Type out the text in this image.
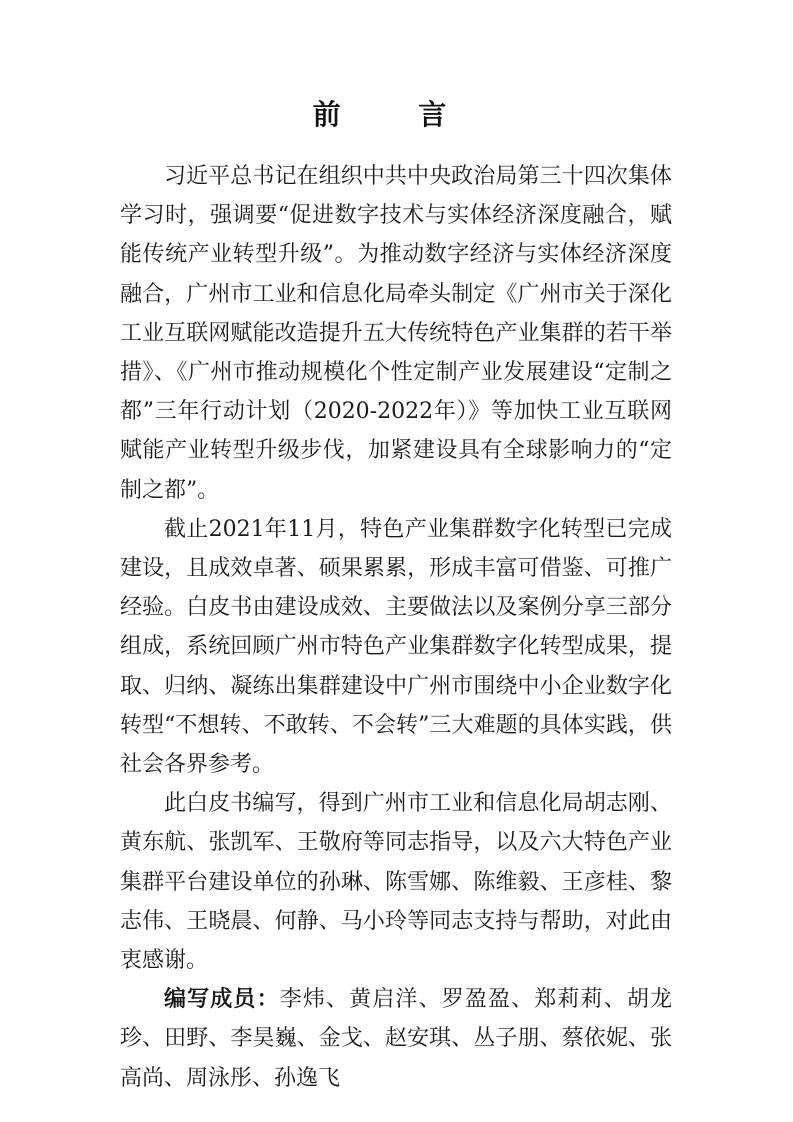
前 言

习近平总书记在组织中共中央政治局第三十四次集体学习时，强调要“促进数字技术与实体经济深度融合，赋能传统产业转型升级”。为推动数字经济与实体经济深度融合，广州市工业和信息化局牵头制定《广州市关于深化工业互联网赋能改造提升五大传统特色产业集群的若干举措》、《广州市推动规模化个性定制产业发展建设“定制之都”三年行动计划（2020-2022年）》等加快工业互联网赋能产业转型升级步伐，加紧建设具有全球影响力的“定制之都”。

截止2021年11月，特色产业集群数字化转型已完成建设，且成效卓著、硕果累累，形成丰富可借鉴、可推广经验。白皮书由建设成效、主要做法以及案例分享三部分组成，系统回顾广州市特色产业集群数字化转型成果，提取、归纳、凝练出集群建设中广州市围绕中小企业数字化转型“不想转、不敢转、不会转”三大难题的具体实践，供社会各界参考。

此白皮书编写，得到广州市工业和信息化局胡志刚、黄东航、张凯军、王敬府等同志指导，以及六大特色产业集群平台建设单位的孙琳、陈雪娜、陈维毅、王彦桂、黎志伟、王晓晨、何静、马小玲等同志支持与帮助，对此由衷感谢。

编写成员：李炜、黄启洋、罗盈盈、郑莉莉、胡龙珍、田野、李昊巍、金戈、赵安琪、丛子朋、蔡依妮、张高尚、周泳彤、孙逸飞
